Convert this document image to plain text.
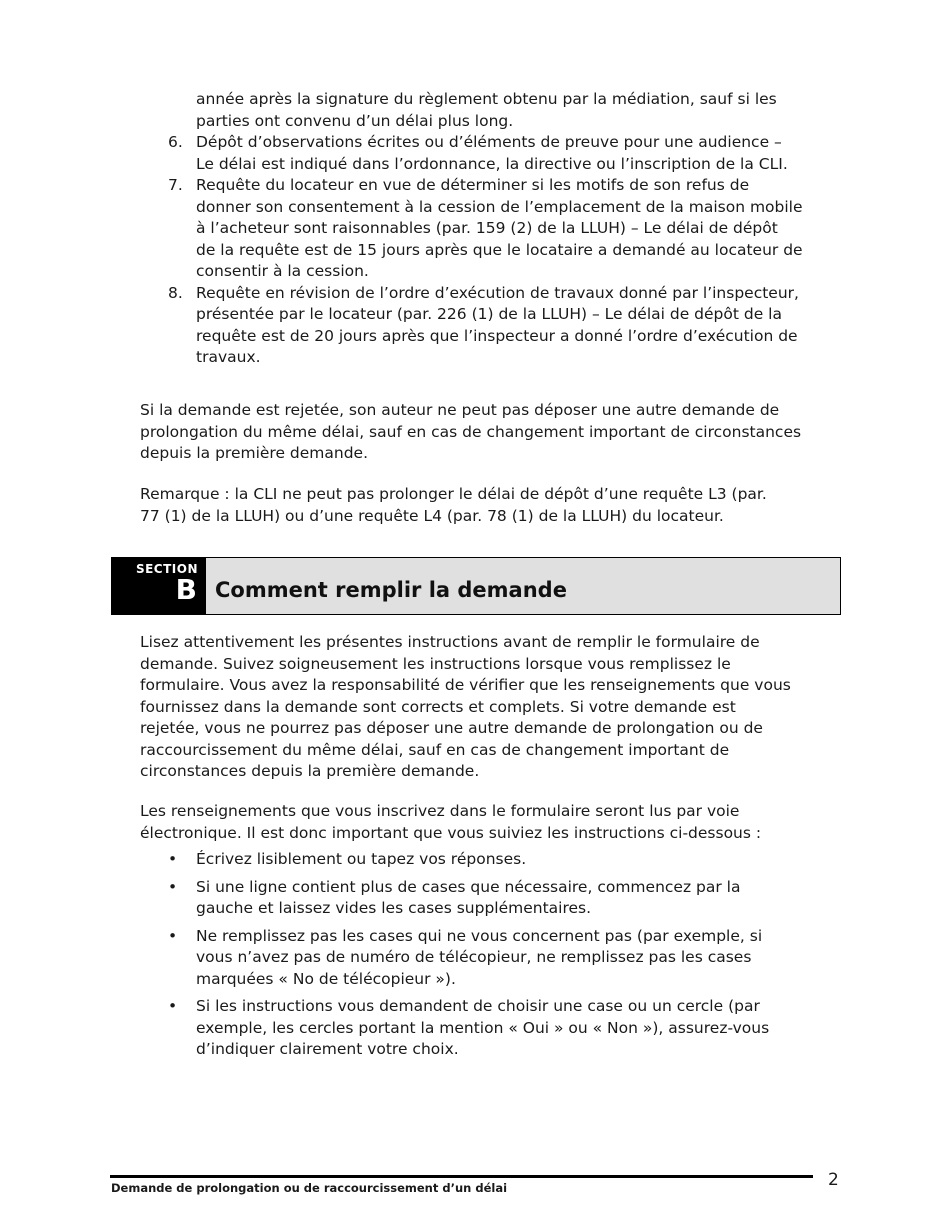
année après la signature du règlement obtenu par la médiation, sauf si les
parties ont convenu d’un délai plus long.
6. Dépôt d’observations écrites ou d’éléments de preuve pour une audience –
Le délai est indiqué dans l’ordonnance, la directive ou l’inscription de la CLI.
7. Requête du locateur en vue de déterminer si les motifs de son refus de
donner son consentement à la cession de l’emplacement de la maison mobile
à l’acheteur sont raisonnables (par. 159 (2) de la LLUH) – Le délai de dépôt
de la requête est de 15 jours après que le locataire a demandé au locateur de
consentir à la cession.
8. Requête en révision de l’ordre d’exécution de travaux donné par l’inspecteur,
présentée par le locateur (par. 226 (1) de la LLUH) – Le délai de dépôt de la
requête est de 20 jours après que l’inspecteur a donné l’ordre d’exécution de
travaux.
Si la demande est rejetée, son auteur ne peut pas déposer une autre demande de
prolongation du même délai, sauf en cas de changement important de circonstances
depuis la première demande.
Remarque : la CLI ne peut pas prolonger le délai de dépôt d’une requête L3 (par.
77 (1) de la LLUH) ou d’une requête L4 (par. 78 (1) de la LLUH) du locateur.
SECTION
B Comment remplir la demande
Lisez attentivement les présentes instructions avant de remplir le formulaire de
demande. Suivez soigneusement les instructions lorsque vous remplissez le
formulaire. Vous avez la responsabilité de vérifier que les renseignements que vous
fournissez dans la demande sont corrects et complets. Si votre demande est
rejetée, vous ne pourrez pas déposer une autre demande de prolongation ou de
raccourcissement du même délai, sauf en cas de changement important de
circonstances depuis la première demande.
Les renseignements que vous inscrivez dans le formulaire seront lus par voie
électronique. Il est donc important que vous suiviez les instructions ci-dessous :
• Écrivez lisiblement ou tapez vos réponses.
• Si une ligne contient plus de cases que nécessaire, commencez par la
gauche et laissez vides les cases supplémentaires.
• Ne remplissez pas les cases qui ne vous concernent pas (par exemple, si
vous n’avez pas de numéro de télécopieur, ne remplissez pas les cases
marquées « No de télécopieur »).
• Si les instructions vous demandent de choisir une case ou un cercle (par
exemple, les cercles portant la mention « Oui » ou « Non »), assurez-vous
d’indiquer clairement votre choix.
Demande de prolongation ou de raccourcissement d’un délai	2
